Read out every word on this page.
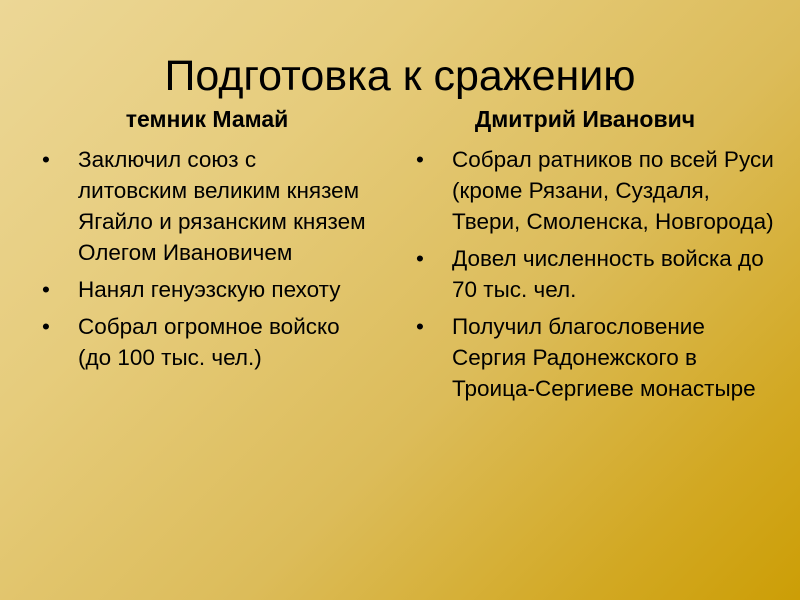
Подготовка к сражению
темник Мамай	Дмитрий Иванович
•	Заключил союз с литовским великим князем Ягайло и рязанским князем Олегом Ивановичем
•	Нанял генуэзскую пехоту
•	Собрал огромное войско (до 100 тыс. чел.)
•	Собрал ратников по всей Руси (кроме Рязани, Суздаля, Твери, Смоленска, Новгорода)
•	Довел численность войска до 70 тыс. чел.
•	Получил благословение Сергия Радонежского в Троица-Сергиеве монастыре
